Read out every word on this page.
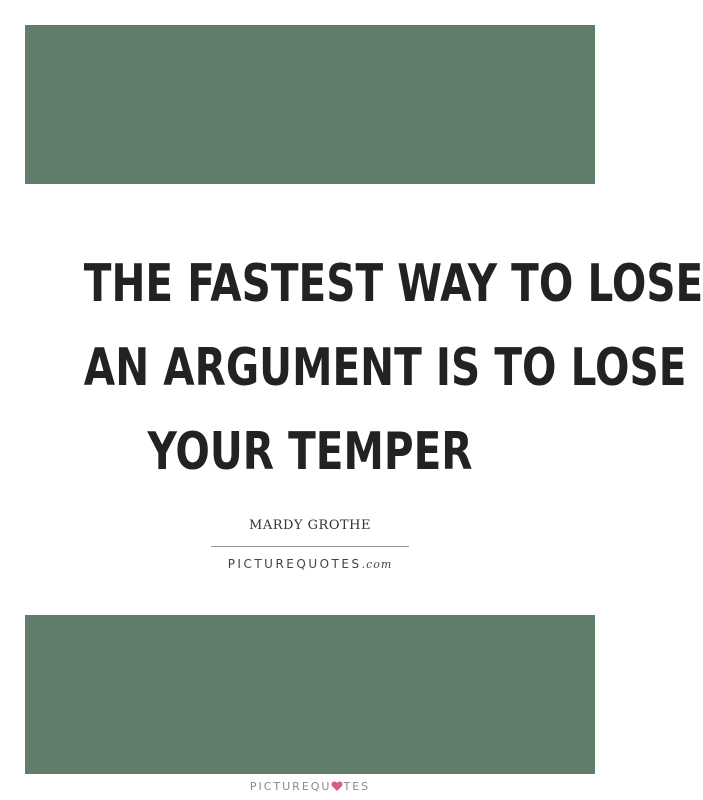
THE FASTEST WAY TO LOSE
AN ARGUMENT IS TO LOSE
YOUR TEMPER
MARDY GROTHE
PICTUREQUOTES.com
PICTUREQU TES
